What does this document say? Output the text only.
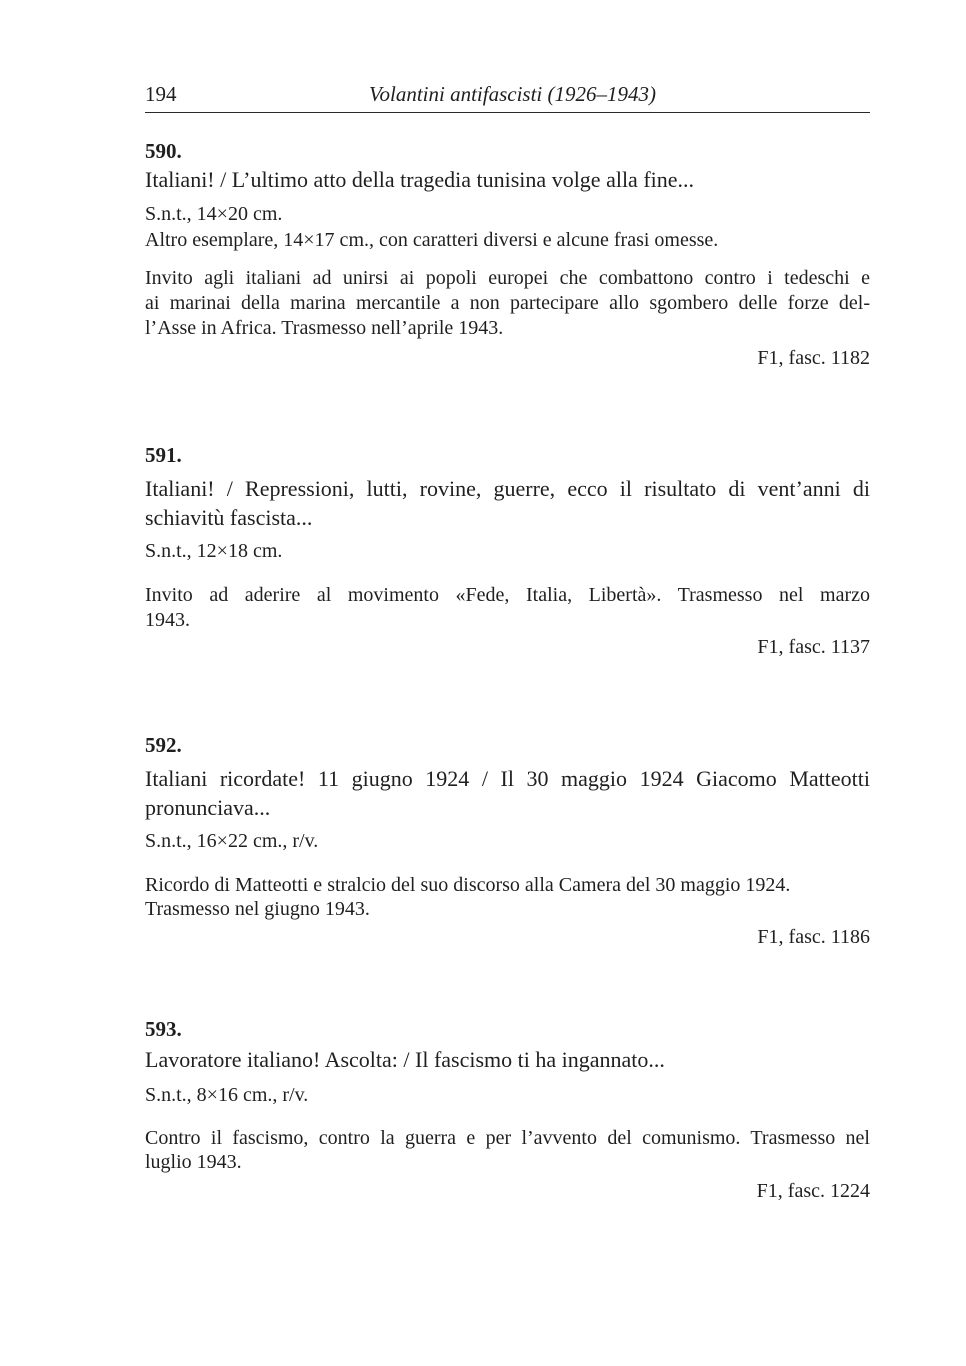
194	Volantini antifascisti (1926–1943)
590.
Italiani! / L’ultimo atto della tragedia tunisina volge alla fine...
S.n.t., 14×20 cm.
Altro esemplare, 14×17 cm., con caratteri diversi e alcune frasi omesse.
Invito agli italiani ad unirsi ai popoli europei che combattono contro i tedeschi e
ai marinai della marina mercantile a non partecipare allo sgombero delle forze del-
l’Asse in Africa. Trasmesso nell’aprile 1943.
F1, fasc. 1182
591.
Italiani! / Repressioni, lutti, rovine, guerre, ecco il risultato di vent’anni di
schiavitù fascista...
S.n.t., 12×18 cm.
Invito ad aderire al movimento «Fede, Italia, Libertà». Trasmesso nel marzo
1943.
F1, fasc. 1137
592.
Italiani ricordate! 11 giugno 1924 / Il 30 maggio 1924 Giacomo Matteotti
pronunciava...
S.n.t., 16×22 cm., r/v.
Ricordo di Matteotti e stralcio del suo discorso alla Camera del 30 maggio 1924.
Trasmesso nel giugno 1943.
F1, fasc. 1186
593.
Lavoratore italiano! Ascolta: / Il fascismo ti ha ingannato...
S.n.t., 8×16 cm., r/v.
Contro il fascismo, contro la guerra e per l’avvento del comunismo. Trasmesso nel
luglio 1943.
F1, fasc. 1224
